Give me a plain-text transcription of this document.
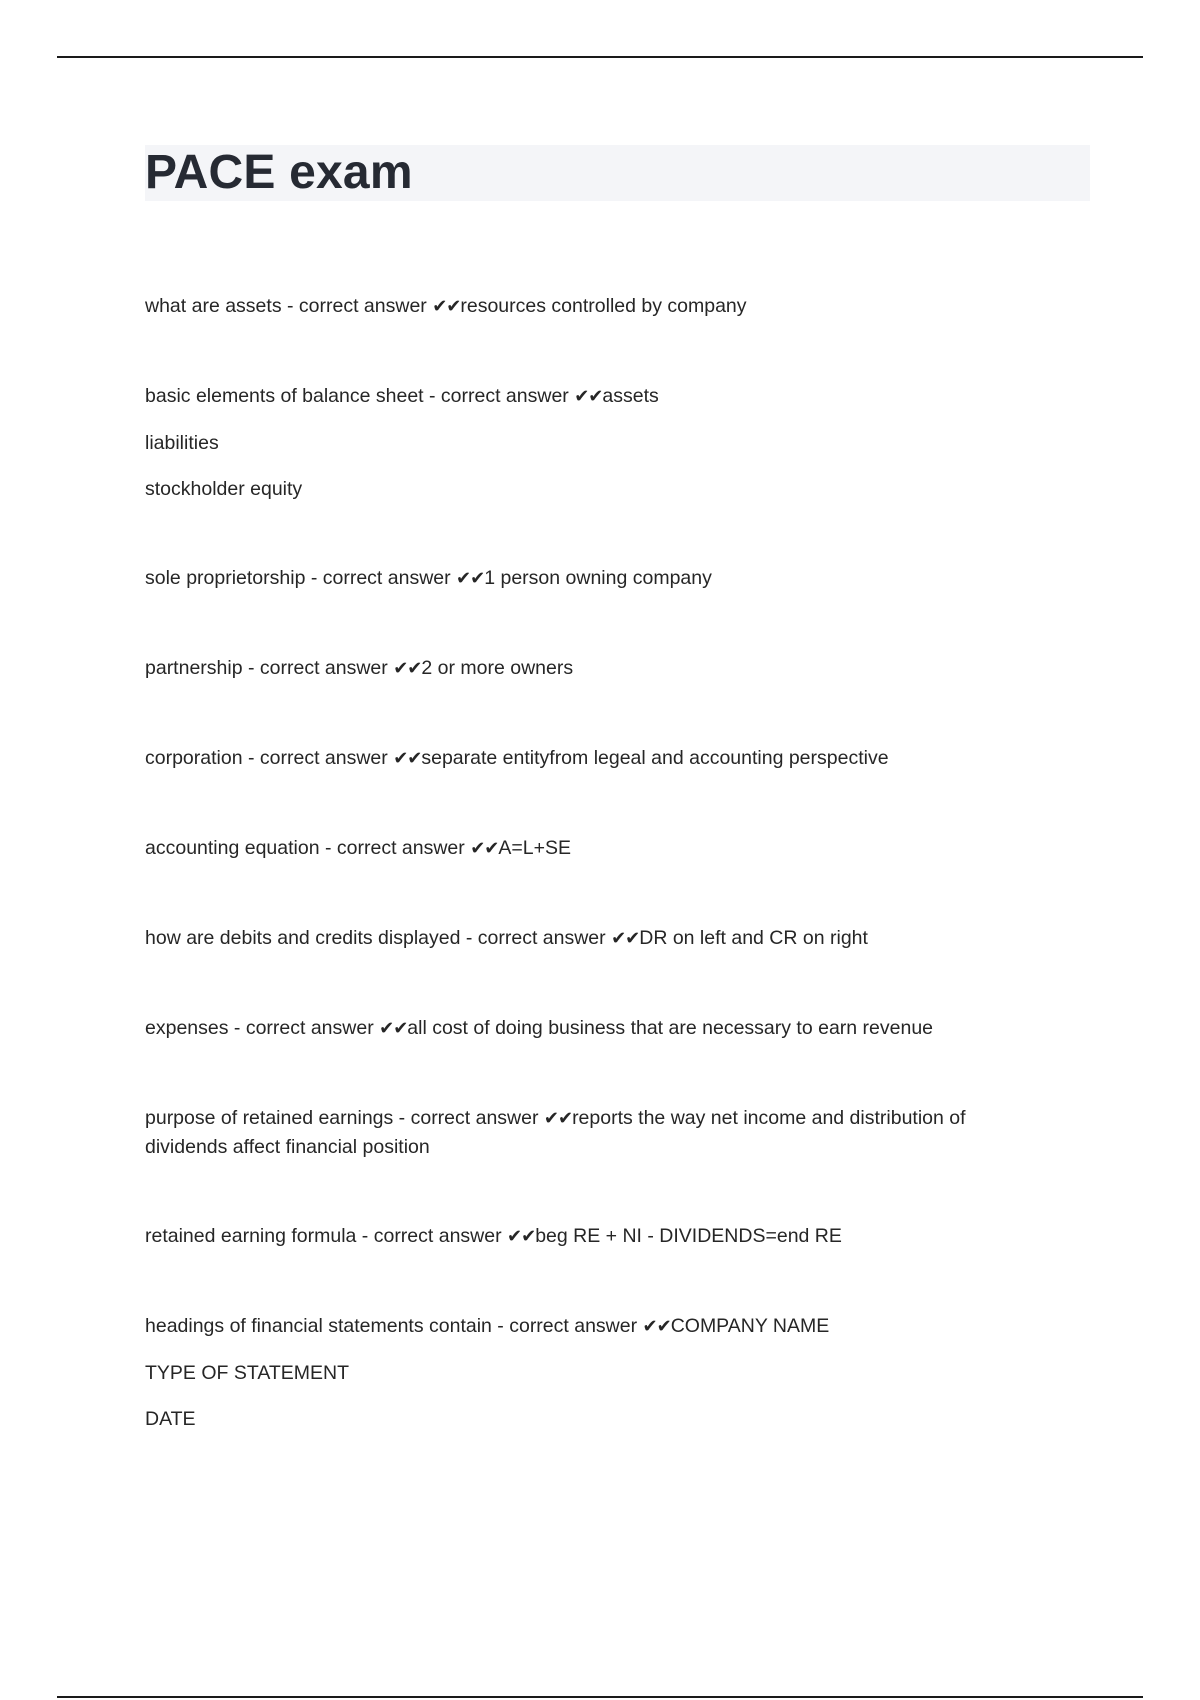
PACE exam

what are assets - correct answer ✔✔resources controlled by company

basic elements of balance sheet - correct answer ✔✔assets

liabilities

stockholder equity

sole proprietorship - correct answer ✔✔1 person owning company

partnership - correct answer ✔✔2 or more owners

corporation - correct answer ✔✔separate entityfrom legeal and accounting perspective

accounting equation - correct answer ✔✔A=L+SE

how are debits and credits displayed - correct answer ✔✔DR on left and CR on right

expenses - correct answer ✔✔all cost of doing business that are necessary to earn revenue

purpose of retained earnings - correct answer ✔✔reports the way net income and distribution of dividends affect financial position

retained earning formula - correct answer ✔✔beg RE + NI - DIVIDENDS=end RE

headings of financial statements contain - correct answer ✔✔COMPANY NAME

TYPE OF STATEMENT

DATE
